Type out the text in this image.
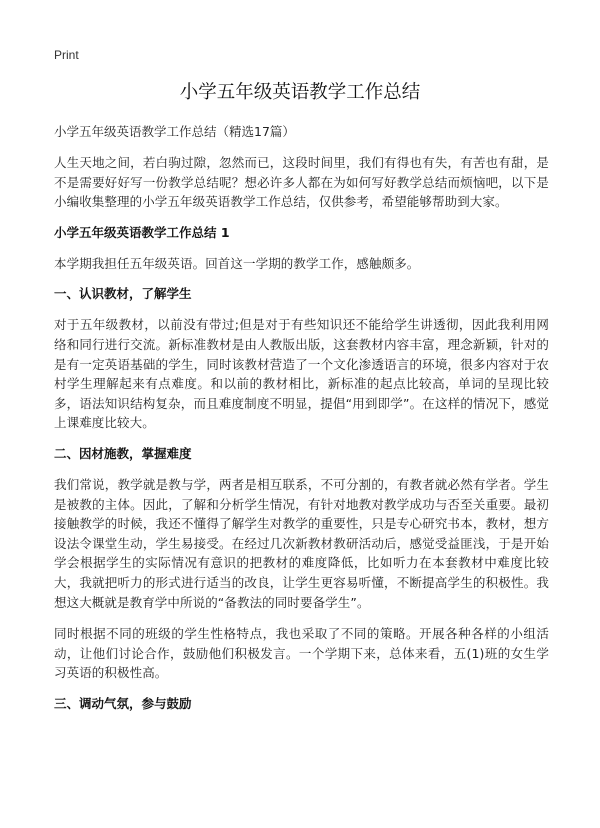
Print
小学五年级英语教学工作总结
小学五年级英语教学工作总结（精选17篇）

人生天地之间，若白驹过隙，忽然而已，这段时间里，我们有得也有失，有苦也有甜，是不是需要好好写一份教学总结呢？想必许多人都在为如何写好教学总结而烦恼吧，以下是小编收集整理的小学五年级英语教学工作总结，仅供参考，希望能够帮助到大家。

小学五年级英语教学工作总结 1

本学期我担任五年级英语。回首这一学期的教学工作，感触颇多。

一、认识教材，了解学生

对于五年级教材，以前没有带过;但是对于有些知识还不能给学生讲透彻，因此我利用网络和同行进行交流。新标准教材是由人教版出版，这套教材内容丰富，理念新颖，针对的是有一定英语基础的学生，同时该教材营造了一个文化渗透语言的环境，很多内容对于农村学生理解起来有点难度。和以前的教材相比，新标准的起点比较高，单词的呈现比较多，语法知识结构复杂，而且难度制度不明显，提倡“用到即学”。在这样的情况下，感觉上课难度比较大。

二、因材施教，掌握难度

我们常说，教学就是教与学，两者是相互联系，不可分割的，有教者就必然有学者。学生是被教的主体。因此，了解和分析学生情况，有针对地教对教学成功与否至关重要。最初接触教学的时候，我还不懂得了解学生对教学的重要性，只是专心研究书本，教材，想方设法令课堂生动，学生易接受。在经过几次新教材教研活动后，感觉受益匪浅，于是开始学会根据学生的实际情况有意识的把教材的难度降低，比如听力在本套教材中难度比较大，我就把听力的形式进行适当的改良，让学生更容易听懂，不断提高学生的积极性。我想这大概就是教育学中所说的“备教法的同时要备学生”。

同时根据不同的班级的学生性格特点，我也采取了不同的策略。开展各种各样的小组活动，让他们讨论合作，鼓励他们积极发言。一个学期下来，总体来看，五(1)班的女生学习英语的积极性高。

三、调动气氛，参与鼓励
